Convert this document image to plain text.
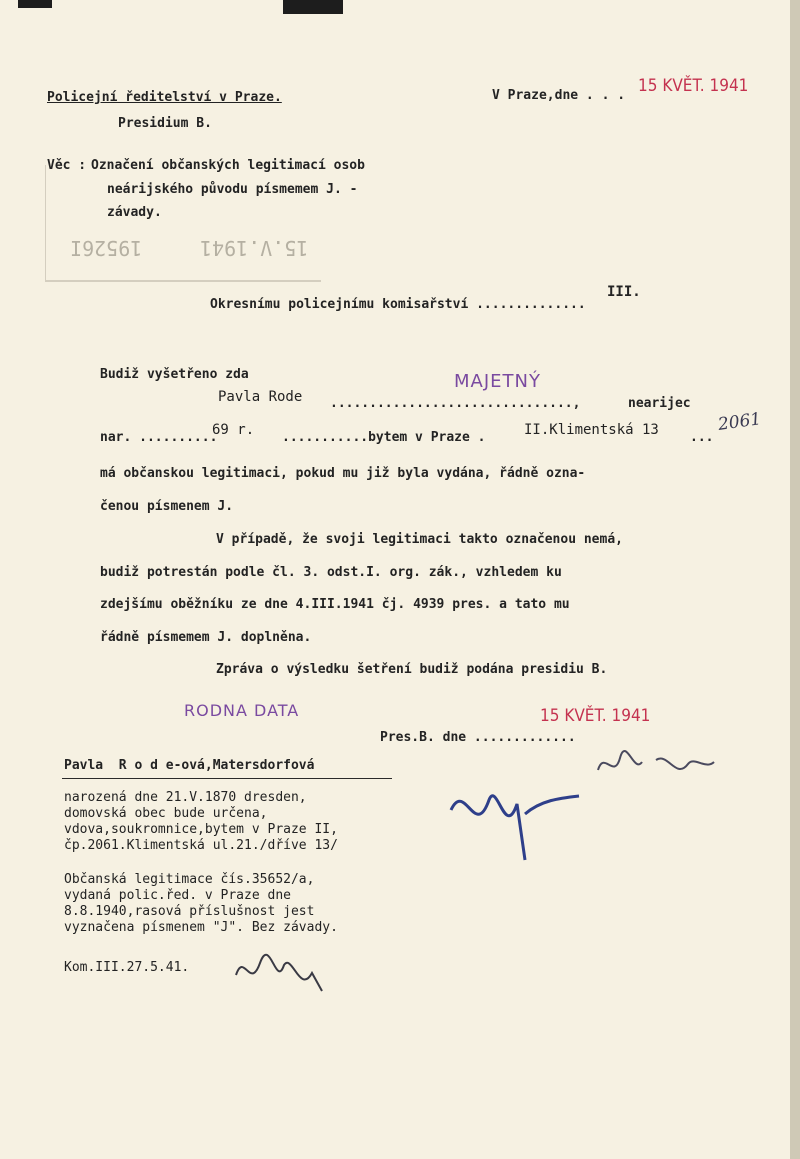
Policejní ředitelství v Praze.
Presidium B.
V Praze,dne . . . 15 KVĚT. 1941
Věc : Označení občanských legitimací osob
neárijského původu písmemem J. -
závady.
19526I	15.V.1941
III.
Okresnímu policejnímu komisařství ..............
Budiž vyšetřeno zda	MAJETNÝ
Pavla Rode ...............................,	nearijec
nar. ..........
69 r. ...........bytem v Praze .	II.Klimentská 13 ...
2061
má občanskou legitimaci, pokud mu již byla vydána, řádně ozna-
čenou písmenem J.
V případě, že svoji legitimaci takto označenou nemá,
budiž potrestán podle čl. 3. odst.I. org. zák., vzhledem ku
zdejšímu oběžníku ze dne 4.III.1941 čj. 4939 pres. a tato mu
řádně písmemem J. doplněna.
Zpráva o výsledku šetření budiž podána presidiu B.
RODNA DATA	15 KVĚT. 1941
Pres.B. dne .............
Pavla  R o d e-ová,Matersdorfová
narozená dne 21.V.1870 dresden,
domovská obec bude určena,
vdova,soukromnice,bytem v Praze II,
čp.2061.Klimentská ul.21./dříve 13/
Občanská legitimace čís.35652/a,
vydaná polic.řed. v Praze dne
8.8.1940,rasová příslušnost jest
vyznačena písmenem "J". Bez závady.
Kom.III.27.5.41.
